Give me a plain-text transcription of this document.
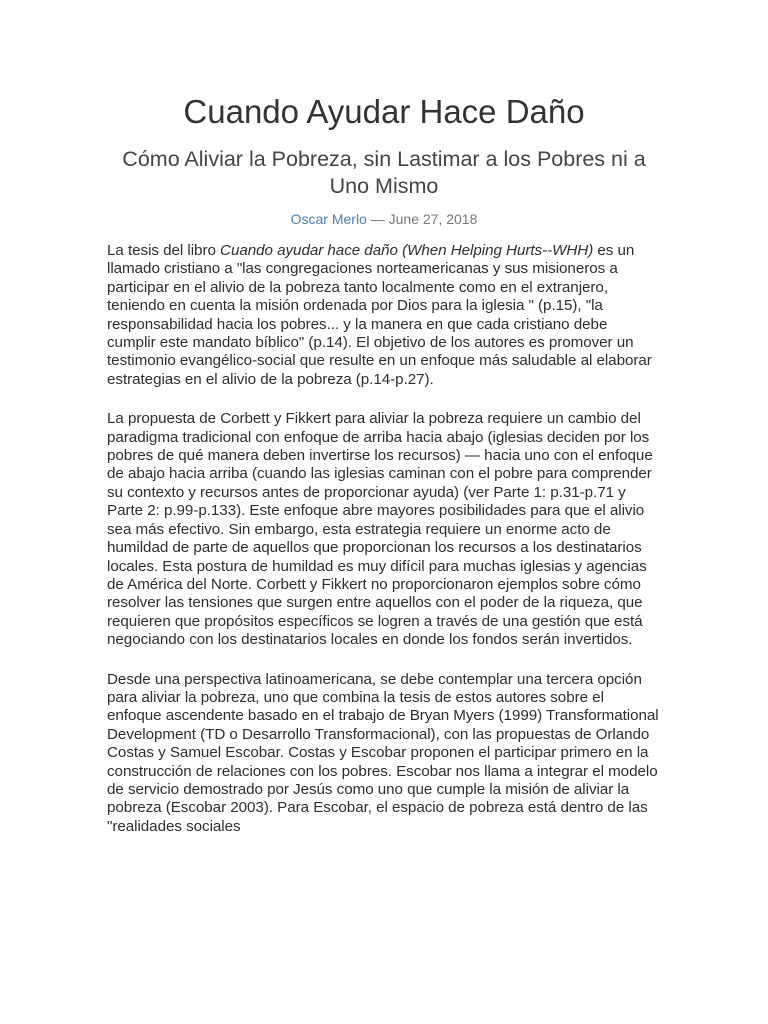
Cuando Ayudar Hace Daño
Cómo Aliviar la Pobreza, sin Lastimar a los Pobres ni a Uno Mismo
Oscar Merlo — June 27, 2018

La tesis del libro Cuando ayudar hace daño (When Helping Hurts--WHH) es un llamado cristiano a "las congregaciones norteamericanas y sus misioneros a participar en el alivio de la pobreza tanto localmente como en el extranjero, teniendo en cuenta la misión ordenada por Dios para la iglesia " (p.15), "la responsabilidad hacia los pobres... y la manera en que cada cristiano debe cumplir este mandato bíblico" (p.14). El objetivo de los autores es promover un testimonio evangélico-social que resulte en un enfoque más saludable al elaborar estrategias en el alivio de la pobreza (p.14-p.27).

La propuesta de Corbett y Fikkert para aliviar la pobreza requiere un cambio del paradigma tradicional con enfoque de arriba hacia abajo (iglesias deciden por los pobres de qué manera deben invertirse los recursos) — hacia uno con el enfoque de abajo hacia arriba (cuando las iglesias caminan con el pobre para comprender su contexto y recursos antes de proporcionar ayuda) (ver Parte 1: p.31-p.71 y Parte 2: p.99-p.133). Este enfoque abre mayores posibilidades para que el alivio sea más efectivo. Sin embargo, esta estrategia requiere un enorme acto de humildad de parte de aquellos que proporcionan los recursos a los destinatarios locales. Esta postura de humildad es muy difícil para muchas iglesias y agencias de América del Norte. Corbett y Fikkert no proporcionaron ejemplos sobre cómo resolver las tensiones que surgen entre aquellos con el poder de la riqueza, que requieren que propósitos específicos se logren a través de una gestión que está negociando con los destinatarios locales en donde los fondos serán invertidos.

Desde una perspectiva latinoamericana, se debe contemplar una tercera opción para aliviar la pobreza, uno que combina la tesis de estos autores sobre el enfoque ascendente basado en el trabajo de Bryan Myers (1999) Transformational Development (TD o Desarrollo Transformacional), con las propuestas de Orlando Costas y Samuel Escobar. Costas y Escobar proponen el participar primero en la construcción de relaciones con los pobres. Escobar nos llama a integrar el modelo de servicio demostrado por Jesús como uno que cumple la misión de aliviar la pobreza (Escobar 2003). Para Escobar, el espacio de pobreza está dentro de las "realidades sociales
